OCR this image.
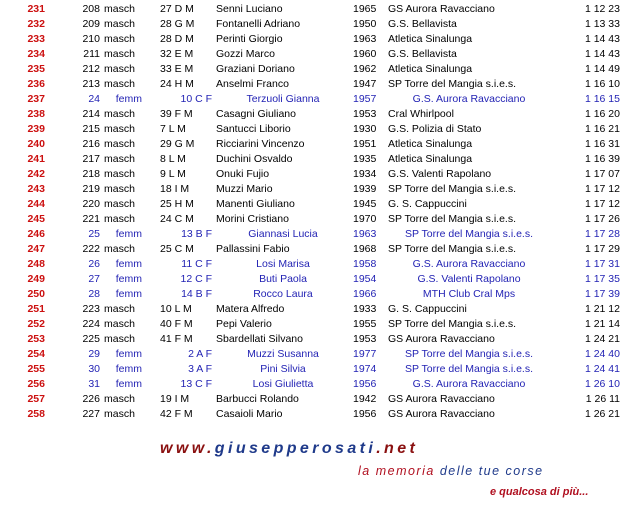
231	208 masch	27 D M	Senni Luciano	1965 GS Aurora Ravacciano	1 12 23
232	209 masch	28 G M	Fontanelli Adriano	1950 G.S. Bellavista	1 13 33
233	210 masch	28 D M	Perinti Giorgio	1963 Atletica Sinalunga	1 14 43
234	211 masch	32 E M	Gozzi Marco	1960 G.S. Bellavista	1 14 43
235	212 masch	33 E M	Graziani Doriano	1962 Atletica Sinalunga	1 14 49
236	213 masch	24 H M	Anselmi Franco	1947 SP Torre del Mangia s.i.e.s.	1 16 10
237	24	femm	10 C F	Terzuoli Gianna	1957	G.S. Aurora Ravacciano	1 16 15
238	214 masch	39 F M	Casagni Giuliano	1953 Cral Whirlpool	1 16 20
239	215 masch	7 L M	Santucci Liborio	1930 G.S. Polizia di Stato	1 16 21
240	216 masch	29 G M	Ricciarini Vincenzo	1951 Atletica Sinalunga	1 16 31
241	217 masch	8 L M	Duchini Osvaldo	1935 Atletica Sinalunga	1 16 39
242	218 masch	9 L M	Onuki Fujio	1934 G.S. Valenti Rapolano	1 17 07
243	219 masch	18 I M	Muzzi Mario	1939 SP Torre del Mangia s.i.e.s.	1 17 12
244	220 masch	25 H M	Manenti Giuliano	1945 G. S. Cappuccini	1 17 12
245	221 masch	24 C M	Morini Cristiano	1970 SP Torre del Mangia s.i.e.s.	1 17 26
246	25	femm	13 B F	Giannasi Lucia	1963	SP Torre del Mangia s.i.e.s.	1 17 28
247	222 masch	25 C M	Pallassini Fabio	1968 SP Torre del Mangia s.i.e.s.	1 17 29
248	26	femm	11 C F	Losi Marisa	1958	G.S. Aurora Ravacciano	1 17 31
249	27	femm	12 C F	Buti Paola	1954	G.S. Valenti Rapolano	1 17 35
250	28	femm	14 B F	Rocco Laura	1966	MTH Club Cral Mps	1 17 39
251	223 masch	10 L M	Matera Alfredo	1933 G. S. Cappuccini	1 21 12
252	224 masch	40 F M	Pepi Valerio	1955 SP Torre del Mangia s.i.e.s.	1 21 14
253	225 masch	41 F M	Sbardellati Silvano	1953 GS Aurora Ravacciano	1 24 21
254	29	femm	2 A F	Muzzi Susanna	1977	SP Torre del Mangia s.i.e.s.	1 24 40
255	30	femm	3 A F	Pini Silvia	1974	SP Torre del Mangia s.i.e.s.	1 24 41
256	31	femm	13 C F	Losi Giulietta	1956	G.S. Aurora Ravacciano	1 26 10
257	226 masch	19 I M	Barbucci Rolando	1942 GS Aurora Ravacciano	1 26 11
258	227 masch	42 F M	Casaioli Mario	1956 GS Aurora Ravacciano	1 26 21
www.giusepperosati.net
la memoria delle tue corse
e qualcosa di più...
